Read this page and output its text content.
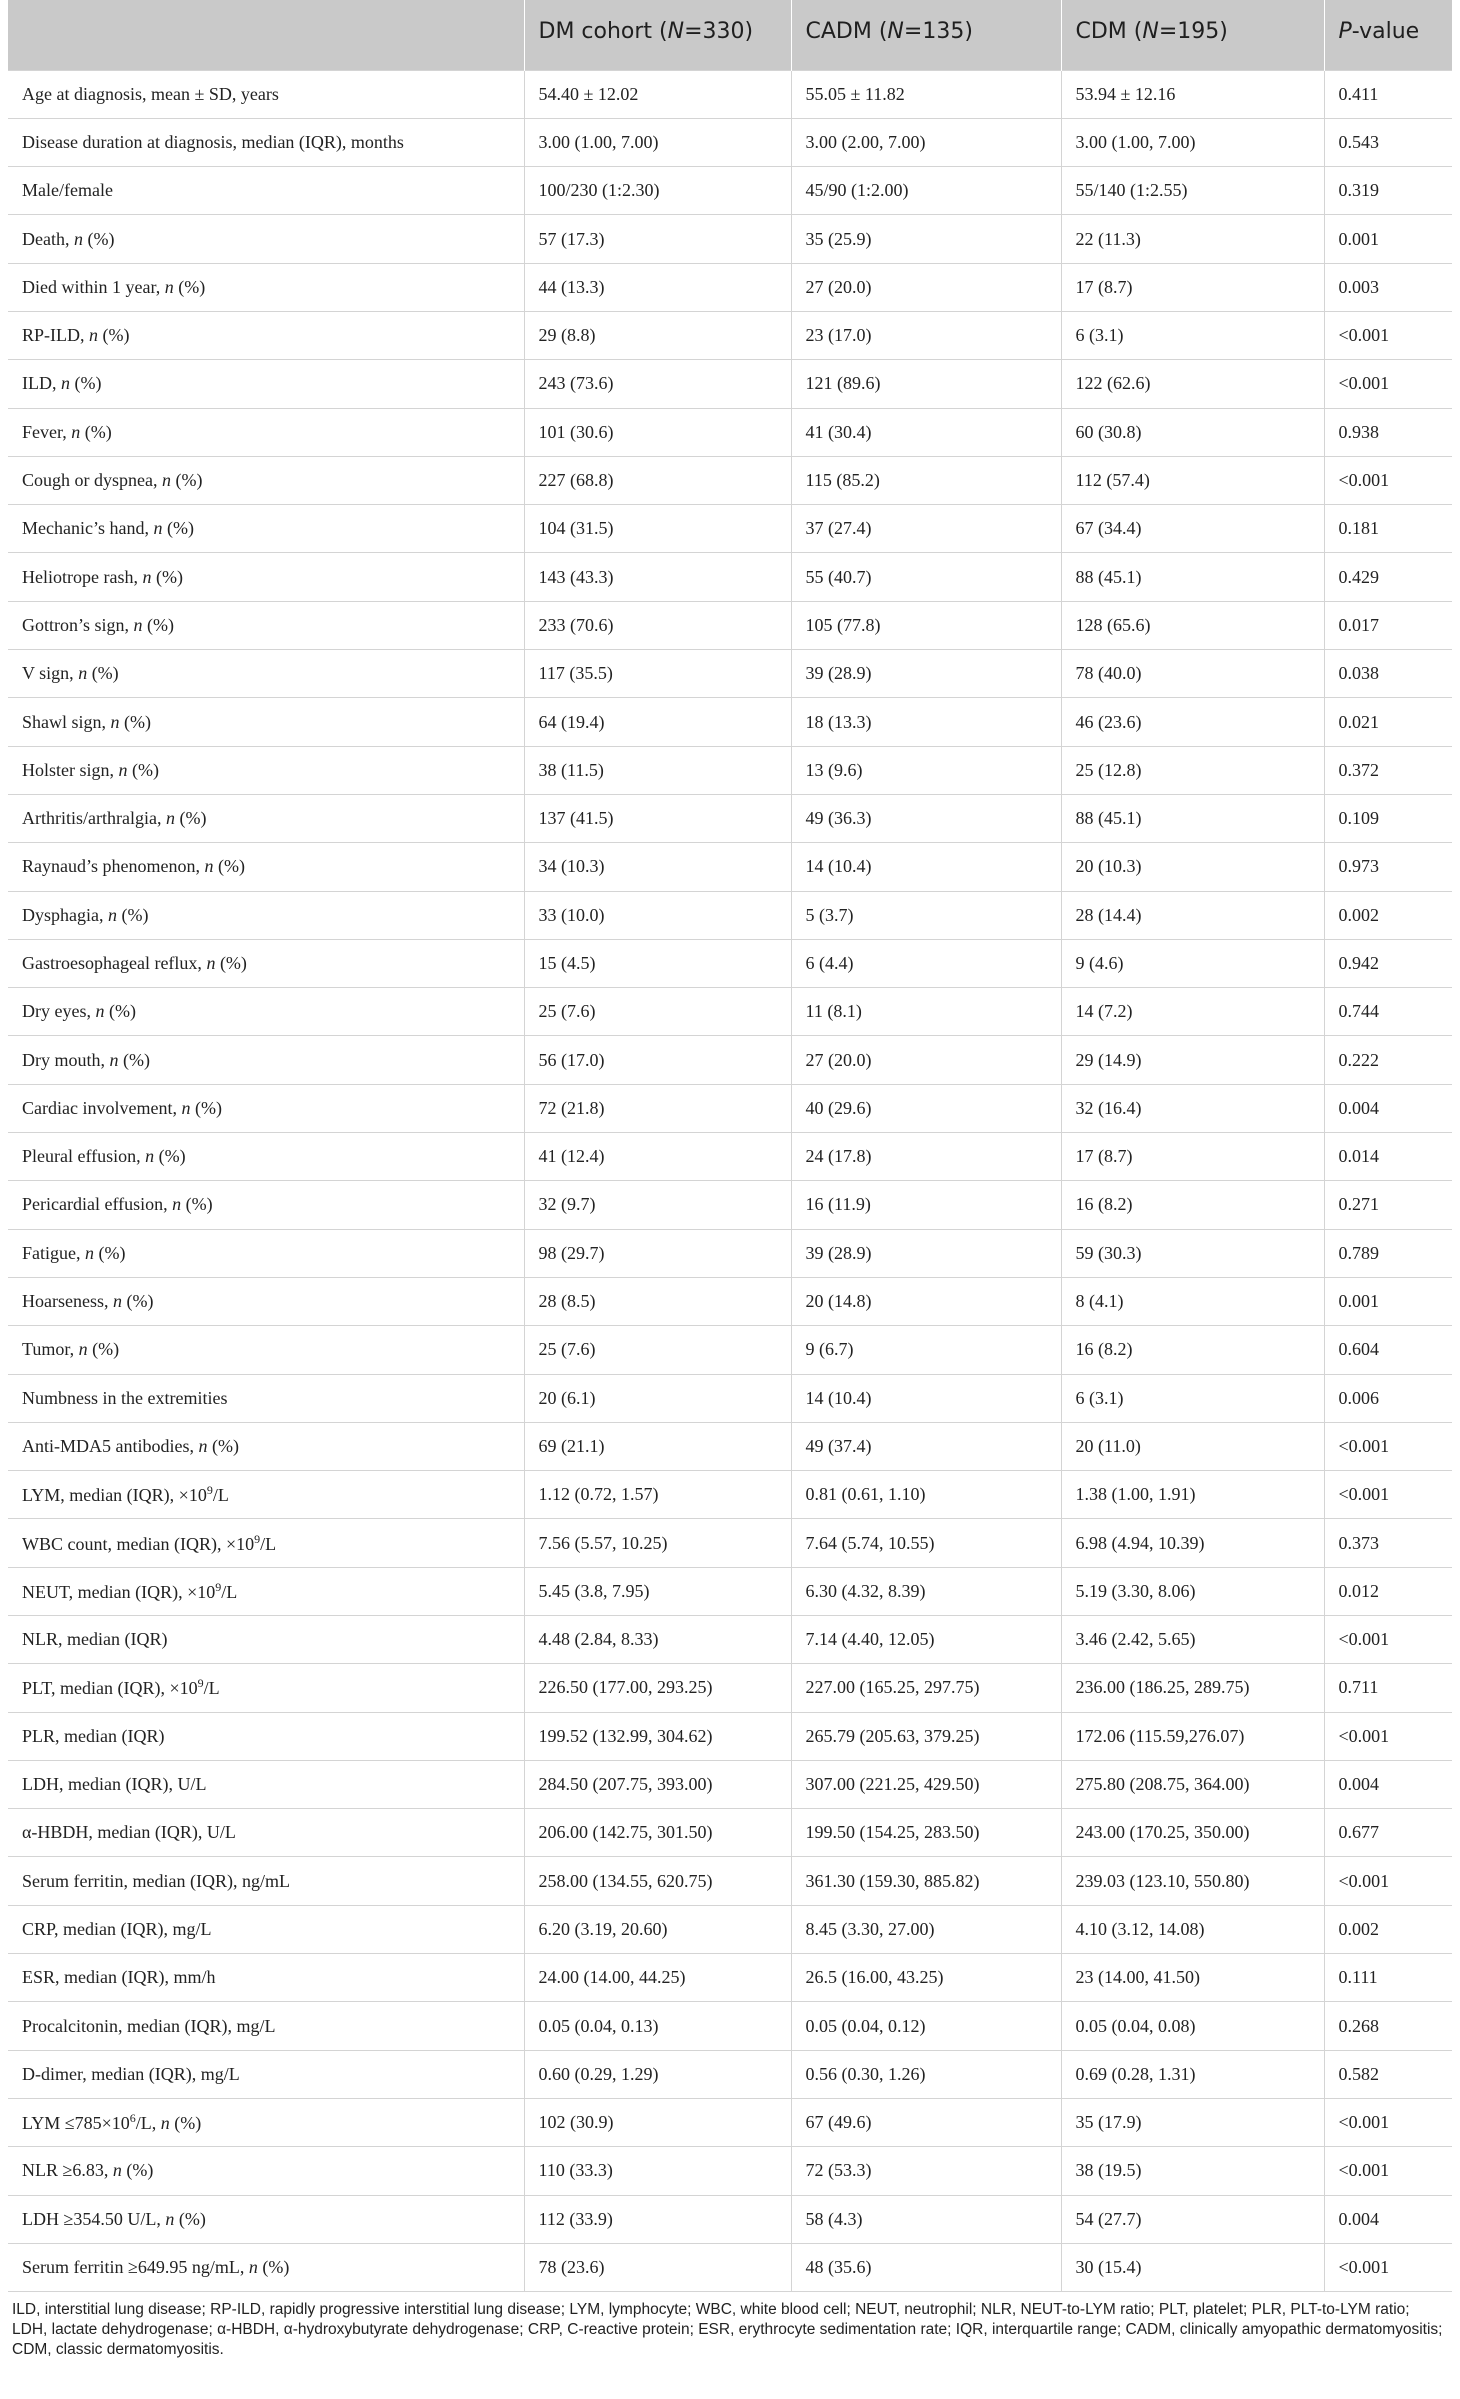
	DM cohort (N=330)	CADM (N=135)	CDM (N=195)	P-value
Age at diagnosis, mean ± SD, years	54.40 ± 12.02	55.05 ± 11.82	53.94 ± 12.16	0.411
Disease duration at diagnosis, median (IQR), months	3.00 (1.00, 7.00)	3.00 (2.00, 7.00)	3.00 (1.00, 7.00)	0.543
Male/female	100/230 (1:2.30)	45/90 (1:2.00)	55/140 (1:2.55)	0.319
Death, n (%)	57 (17.3)	35 (25.9)	22 (11.3)	0.001
Died within 1 year, n (%)	44 (13.3)	27 (20.0)	17 (8.7)	0.003
RP-ILD, n (%)	29 (8.8)	23 (17.0)	6 (3.1)	<0.001
ILD, n (%)	243 (73.6)	121 (89.6)	122 (62.6)	<0.001
Fever, n (%)	101 (30.6)	41 (30.4)	60 (30.8)	0.938
Cough or dyspnea, n (%)	227 (68.8)	115 (85.2)	112 (57.4)	<0.001
Mechanic’s hand, n (%)	104 (31.5)	37 (27.4)	67 (34.4)	0.181
Heliotrope rash, n (%)	143 (43.3)	55 (40.7)	88 (45.1)	0.429
Gottron’s sign, n (%)	233 (70.6)	105 (77.8)	128 (65.6)	0.017
V sign, n (%)	117 (35.5)	39 (28.9)	78 (40.0)	0.038
Shawl sign, n (%)	64 (19.4)	18 (13.3)	46 (23.6)	0.021
Holster sign, n (%)	38 (11.5)	13 (9.6)	25 (12.8)	0.372
Arthritis/arthralgia, n (%)	137 (41.5)	49 (36.3)	88 (45.1)	0.109
Raynaud’s phenomenon, n (%)	34 (10.3)	14 (10.4)	20 (10.3)	0.973
Dysphagia, n (%)	33 (10.0)	5 (3.7)	28 (14.4)	0.002
Gastroesophageal reflux, n (%)	15 (4.5)	6 (4.4)	9 (4.6)	0.942
Dry eyes, n (%)	25 (7.6)	11 (8.1)	14 (7.2)	0.744
Dry mouth, n (%)	56 (17.0)	27 (20.0)	29 (14.9)	0.222
Cardiac involvement, n (%)	72 (21.8)	40 (29.6)	32 (16.4)	0.004
Pleural effusion, n (%)	41 (12.4)	24 (17.8)	17 (8.7)	0.014
Pericardial effusion, n (%)	32 (9.7)	16 (11.9)	16 (8.2)	0.271
Fatigue, n (%)	98 (29.7)	39 (28.9)	59 (30.3)	0.789
Hoarseness, n (%)	28 (8.5)	20 (14.8)	8 (4.1)	0.001
Tumor, n (%)	25 (7.6)	9 (6.7)	16 (8.2)	0.604
Numbness in the extremities	20 (6.1)	14 (10.4)	6 (3.1)	0.006
Anti-MDA5 antibodies, n (%)	69 (21.1)	49 (37.4)	20 (11.0)	<0.001
LYM, median (IQR), $\times 10^9/L$	1.12 (0.72, 1.57)	0.81 (0.61, 1.10)	1.38 (1.00, 1.91)	<0.001
WBC count, median (IQR), $\times 10^9/L$	7.56 (5.57, 10.25)	7.64 (5.74, 10.55)	6.98 (4.94, 10.39)	0.373
NEUT, median (IQR), $\times 10^9/L$	5.45 (3.8, 7.95)	6.30 (4.32, 8.39)	5.19 (3.30, 8.06)	0.012
NLR, median (IQR)	4.48 (2.84, 8.33)	7.14 (4.40, 12.05)	3.46 (2.42, 5.65)	<0.001
PLT, median (IQR), $\times 10^9/L$	226.50 (177.00, 293.25)	227.00 (165.25, 297.75)	236.00 (186.25, 289.75)	0.711
PLR, median (IQR)	199.52 (132.99, 304.62)	265.79 (205.63, 379.25)	172.06 (115.59,276.07)	<0.001
LDH, median (IQR), U/L	284.50 (207.75, 393.00)	307.00 (221.25, 429.50)	275.80 (208.75, 364.00)	0.004
α-HBDH, median (IQR), U/L	206.00 (142.75, 301.50)	199.50 (154.25, 283.50)	243.00 (170.25, 350.00)	0.677
Serum ferritin, median (IQR), ng/mL	258.00 (134.55, 620.75)	361.30 (159.30, 885.82)	239.03 (123.10, 550.80)	<0.001
CRP, median (IQR), mg/L	6.20 (3.19, 20.60)	8.45 (3.30, 27.00)	4.10 (3.12, 14.08)	0.002
ESR, median (IQR), mm/h	24.00 (14.00, 44.25)	26.5 (16.00, 43.25)	23 (14.00, 41.50)	0.111
Procalcitonin, median (IQR), mg/L	0.05 (0.04, 0.13)	0.05 (0.04, 0.12)	0.05 (0.04, 0.08)	0.268
D-dimer, median (IQR), mg/L	0.60 (0.29, 1.29)	0.56 (0.30, 1.26)	0.69 (0.28, 1.31)	0.582
LYM $\le 785\times 10^6/L$, n (%)	102 (30.9)	67 (49.6)	35 (17.9)	<0.001
NLR ≥6.83, n (%)	110 (33.3)	72 (53.3)	38 (19.5)	<0.001
LDH ≥354.50 U/L, n (%)	112 (33.9)	58 (4.3)	54 (27.7)	0.004
Serum ferritin ≥649.95 ng/mL, n (%)	78 (23.6)	48 (35.6)	30 (15.4)	<0.001

ILD, interstitial lung disease; RP-ILD, rapidly progressive interstitial lung disease; LYM, lymphocyte; WBC, white blood cell; NEUT, neutrophil; NLR, NEUT-to-LYM ratio; PLT, platelet; PLR, PLT-to-LYM ratio; LDH, lactate dehydrogenase; α-HBDH, α-hydroxybutyrate dehydrogenase; CRP, C-reactive protein; ESR, erythrocyte sedimentation rate; IQR, interquartile range; CADM, clinically amyopathic dermatomyositis; CDM, classic dermatomyositis.
